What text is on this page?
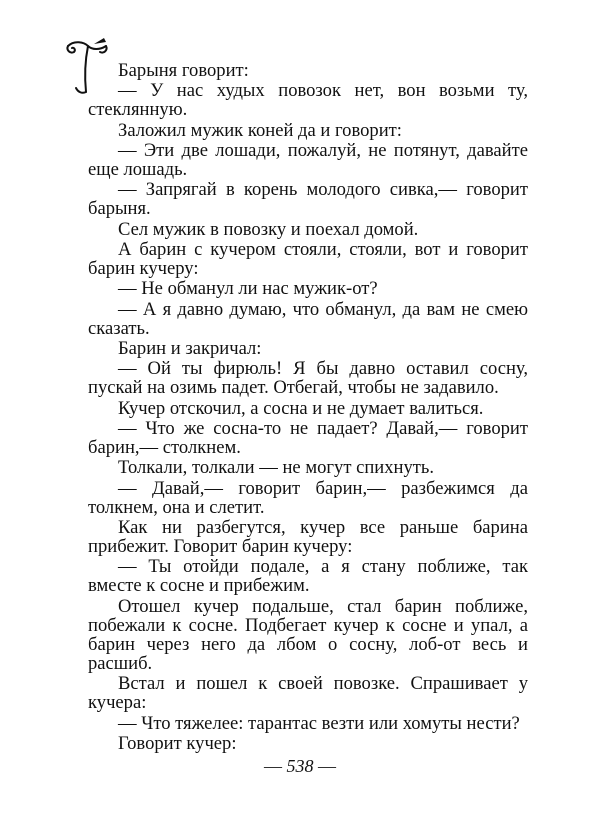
Барыня говорит:

— У нас худых повозок нет, вон возьми ту, стеклянную.

Заложил мужик коней да и говорит:

— Эти две лошади, пожалуй, не потянут, давайте еще лошадь.

— Запрягай в корень молодого сивка,— говорит барыня.

Сел мужик в повозку и поехал домой.

А барин с кучером стояли, стояли, вот и говорит барин кучеру:

— Не обманул ли нас мужик-от?

— А я давно думаю, что обманул, да вам не смею сказать.

Барин и закричал:

— Ой ты фирюль! Я бы давно оставил сосну, пускай на озимь падет. Отбегай, чтобы не задавило.

Кучер отскочил, а сосна и не думает валиться.

— Что же сосна-то не падает? Давай,— говорит барин,— столкнем.

Толкали, толкали — не могут спихнуть.

— Давай,— говорит барин,— разбежимся да толкнем, она и слетит.

Как ни разбегутся, кучер все раньше барина прибежит. Говорит барин кучеру:

— Ты отойди подале, а я стану поближе, так вместе к сосне и прибежим.

Отошел кучер подальше, стал барин поближе, побежали к сосне. Подбегает кучер к сосне и упал, а барин через него да лбом о сосну, лоб-от весь и расшиб.

Встал и пошел к своей повозке. Спрашивает у кучера:

— Что тяжелее: тарантас везти или хомуты нести?

Говорит кучер:

— 538 —
